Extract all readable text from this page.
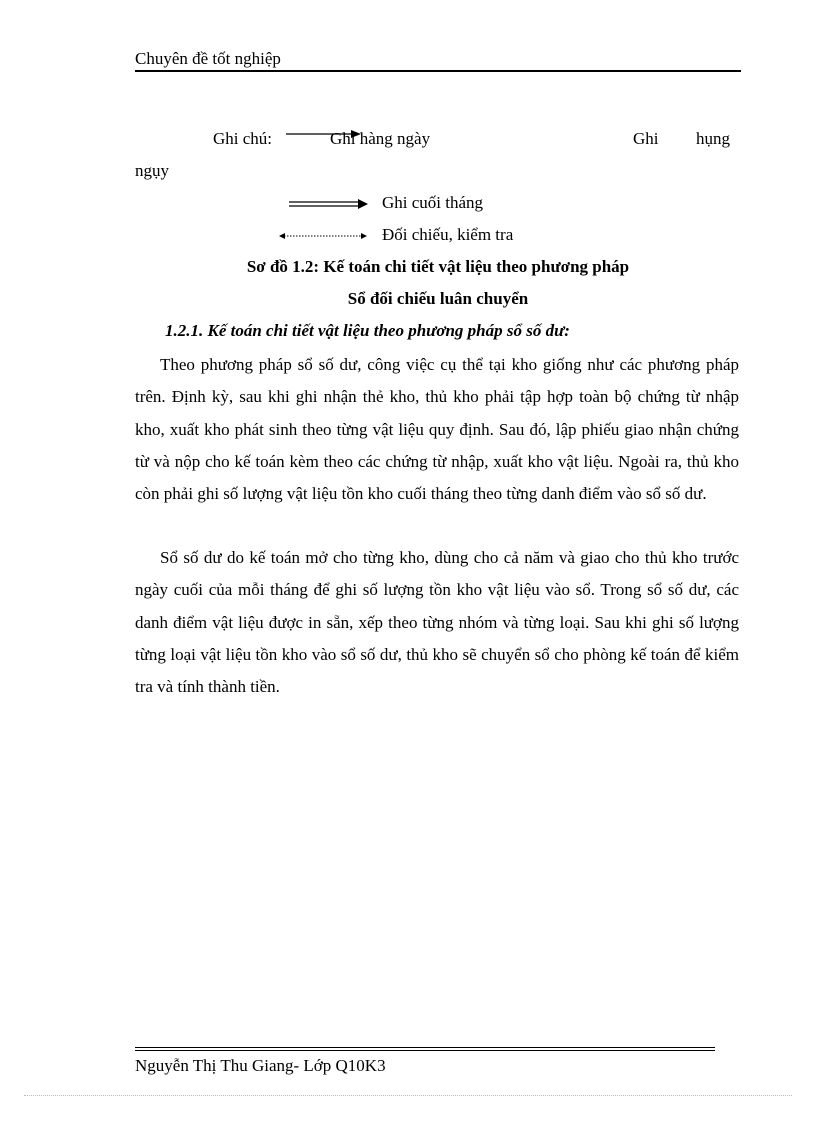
Chuyên đề tốt nghiệp
Ghi chú:	Ghi hàng ngày	Ghi hụng
ngụy
Ghi cuối tháng
Đối chiếu, kiểm tra
Sơ đồ 1.2: Kế toán chi tiết vật liệu theo phương pháp
Sổ đối chiếu luân chuyển
1.2.1. Kế toán chi tiết vật liệu theo phương pháp sổ số dư:

Theo phương pháp sổ số dư, công việc cụ thể tại kho giống như các phương pháp trên. Định kỳ, sau khi ghi nhận thẻ kho, thủ kho phải tập hợp toàn bộ chứng từ nhập kho, xuất kho phát sinh theo từng vật liệu quy định. Sau đó, lập phiếu giao nhận chứng từ và nộp cho kế toán kèm theo các chứng từ nhập, xuất kho vật liệu. Ngoài ra, thủ kho còn phải ghi số lượng vật liệu tồn kho cuối tháng theo từng danh điểm vào sổ số dư.

Sổ số dư do kế toán mở cho từng kho, dùng cho cả năm và giao cho thủ kho trước ngày cuối của mỗi tháng để ghi số lượng tồn kho vật liệu vào sổ. Trong sổ số dư, các danh điểm vật liệu được in sẵn, xếp theo từng nhóm và từng loại. Sau khi ghi số lượng từng loại vật liệu tồn kho vào sổ số dư, thủ kho sẽ chuyển sổ cho phòng kế toán để kiểm tra và tính thành tiền.

Nguyễn Thị Thu Giang- Lớp Q10K3
